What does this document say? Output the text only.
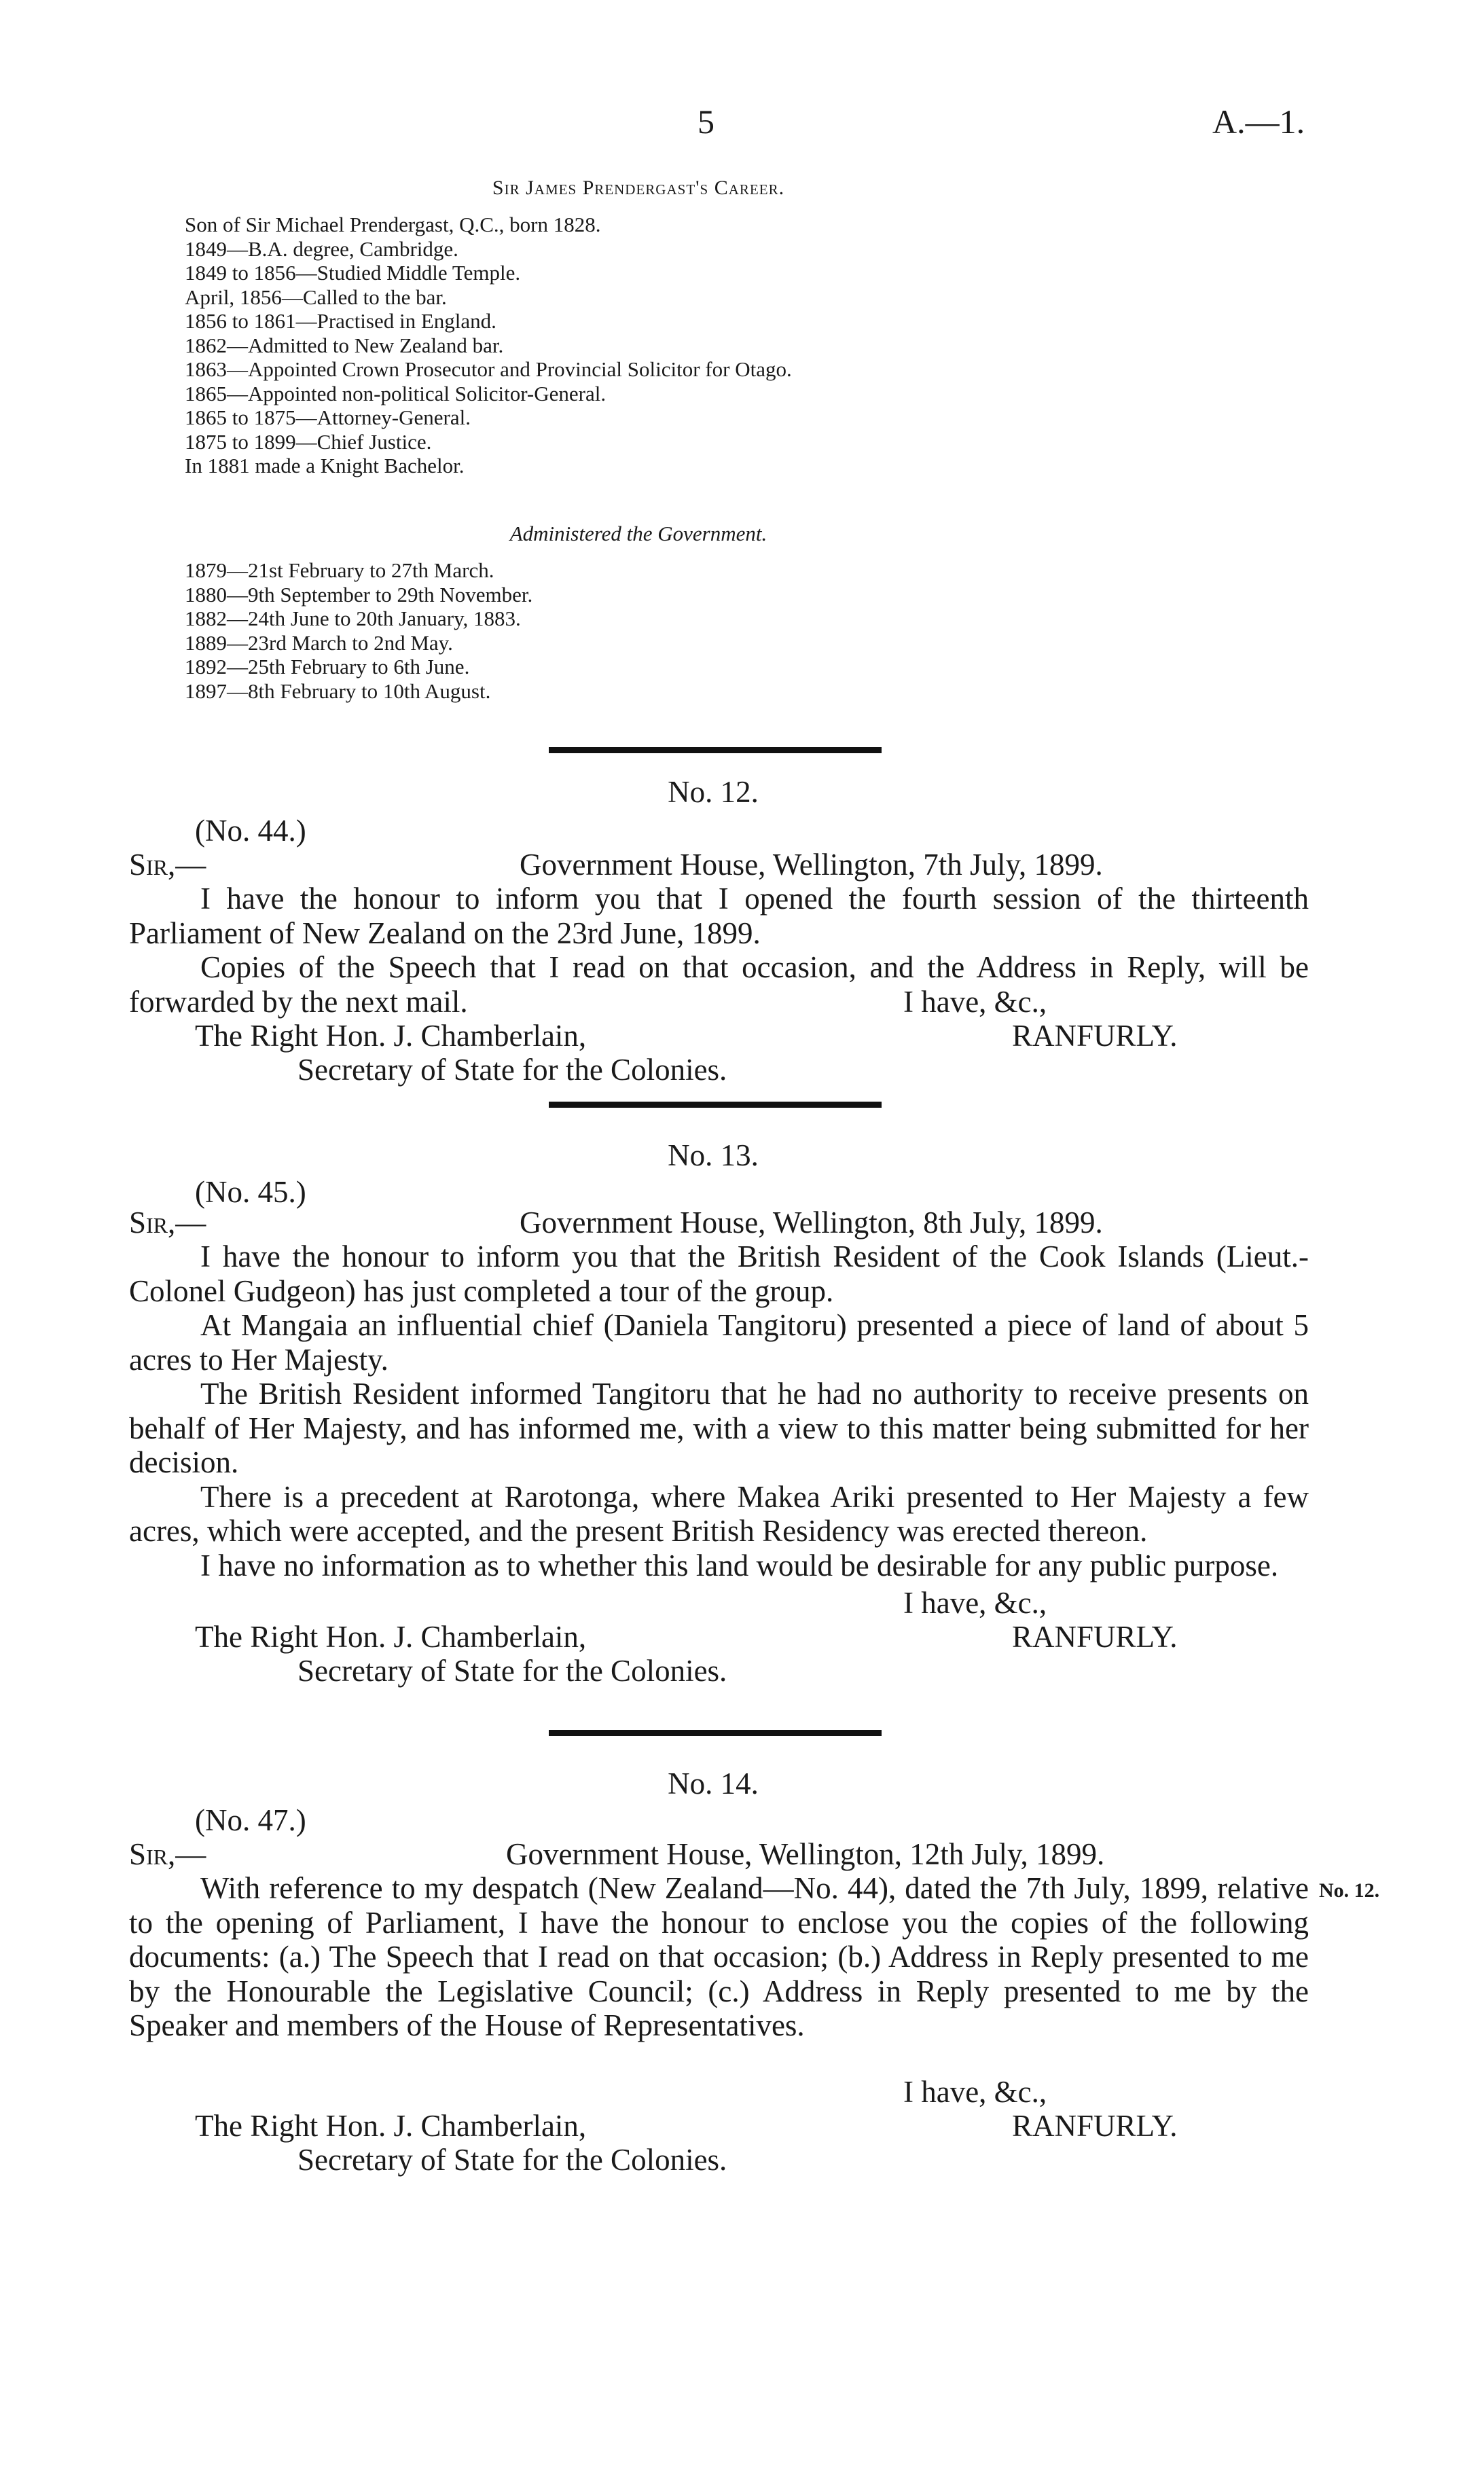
5	A.—1.
Sir James Prendergast's Career.
Son of Sir Michael Prendergast, Q.C., born 1828.
1849—B.A. degree, Cambridge.
1849 to 1856—Studied Middle Temple.
April, 1856—Called to the bar.
1856 to 1861—Practised in England.
1862—Admitted to New Zealand bar.
1863—Appointed Crown Prosecutor and Provincial Solicitor for Otago.
1865—Appointed non-political Solicitor-General.
1865 to 1875—Attorney-General.
1875 to 1899—Chief Justice.
In 1881 made a Knight Bachelor.
Administered the Government.
1879—21st February to 27th March.
1880—9th September to 29th November.
1882—24th June to 20th January, 1883.
1889—23rd March to 2nd May.
1892—25th February to 6th June.
1897—8th February to 10th August.
No. 12.
(No. 44.)
Sir,—	Government House, Wellington, 7th July, 1899.

I have the honour to inform you that I opened the fourth session of the thirteenth Parliament of New Zealand on the 23rd June, 1899.

Copies of the Speech that I read on that occasion, and the Address in Reply, will be forwarded by the next mail.	I have, &c.,
The Right Hon. J. Chamberlain,	RANFURLY.
Secretary of State for the Colonies.
No. 13.
(No. 45.)
Sir,—	Government House, Wellington, 8th July, 1899.

I have the honour to inform you that the British Resident of the Cook Islands (Lieut.-Colonel Gudgeon) has just completed a tour of the group.

At Mangaia an influential chief (Daniela Tangitoru) presented a piece of land of about 5 acres to Her Majesty.

The British Resident informed Tangitoru that he had no authority to receive presents on behalf of Her Majesty, and has informed me, with a view to this matter being submitted for her decision.

There is a precedent at Rarotonga, where Makea Ariki presented to Her Majesty a few acres, which were accepted, and the present British Residency was erected thereon.

I have no information as to whether this land would be desirable for any public purpose.

I have, &c.,
The Right Hon. J. Chamberlain,	RANFURLY.
Secretary of State for the Colonies.
No. 14.
(No. 47.)
Sir,—	Government House, Wellington, 12th July, 1899.

With reference to my despatch (New Zealand—No. 44), dated the 7th July, 1899, relative to the opening of Parliament, I have the honour to enclose you the copies of the following documents: (a.) The Speech that I read on that occasion; (b.) Address in Reply presented to me by the Honourable the Legislative Council; (c.) Address in Reply presented to me by the Speaker and members of the House of Representatives.

No. 12.
I have, &c.,
The Right Hon. J. Chamberlain,	RANFURLY.
Secretary of State for the Colonies.
